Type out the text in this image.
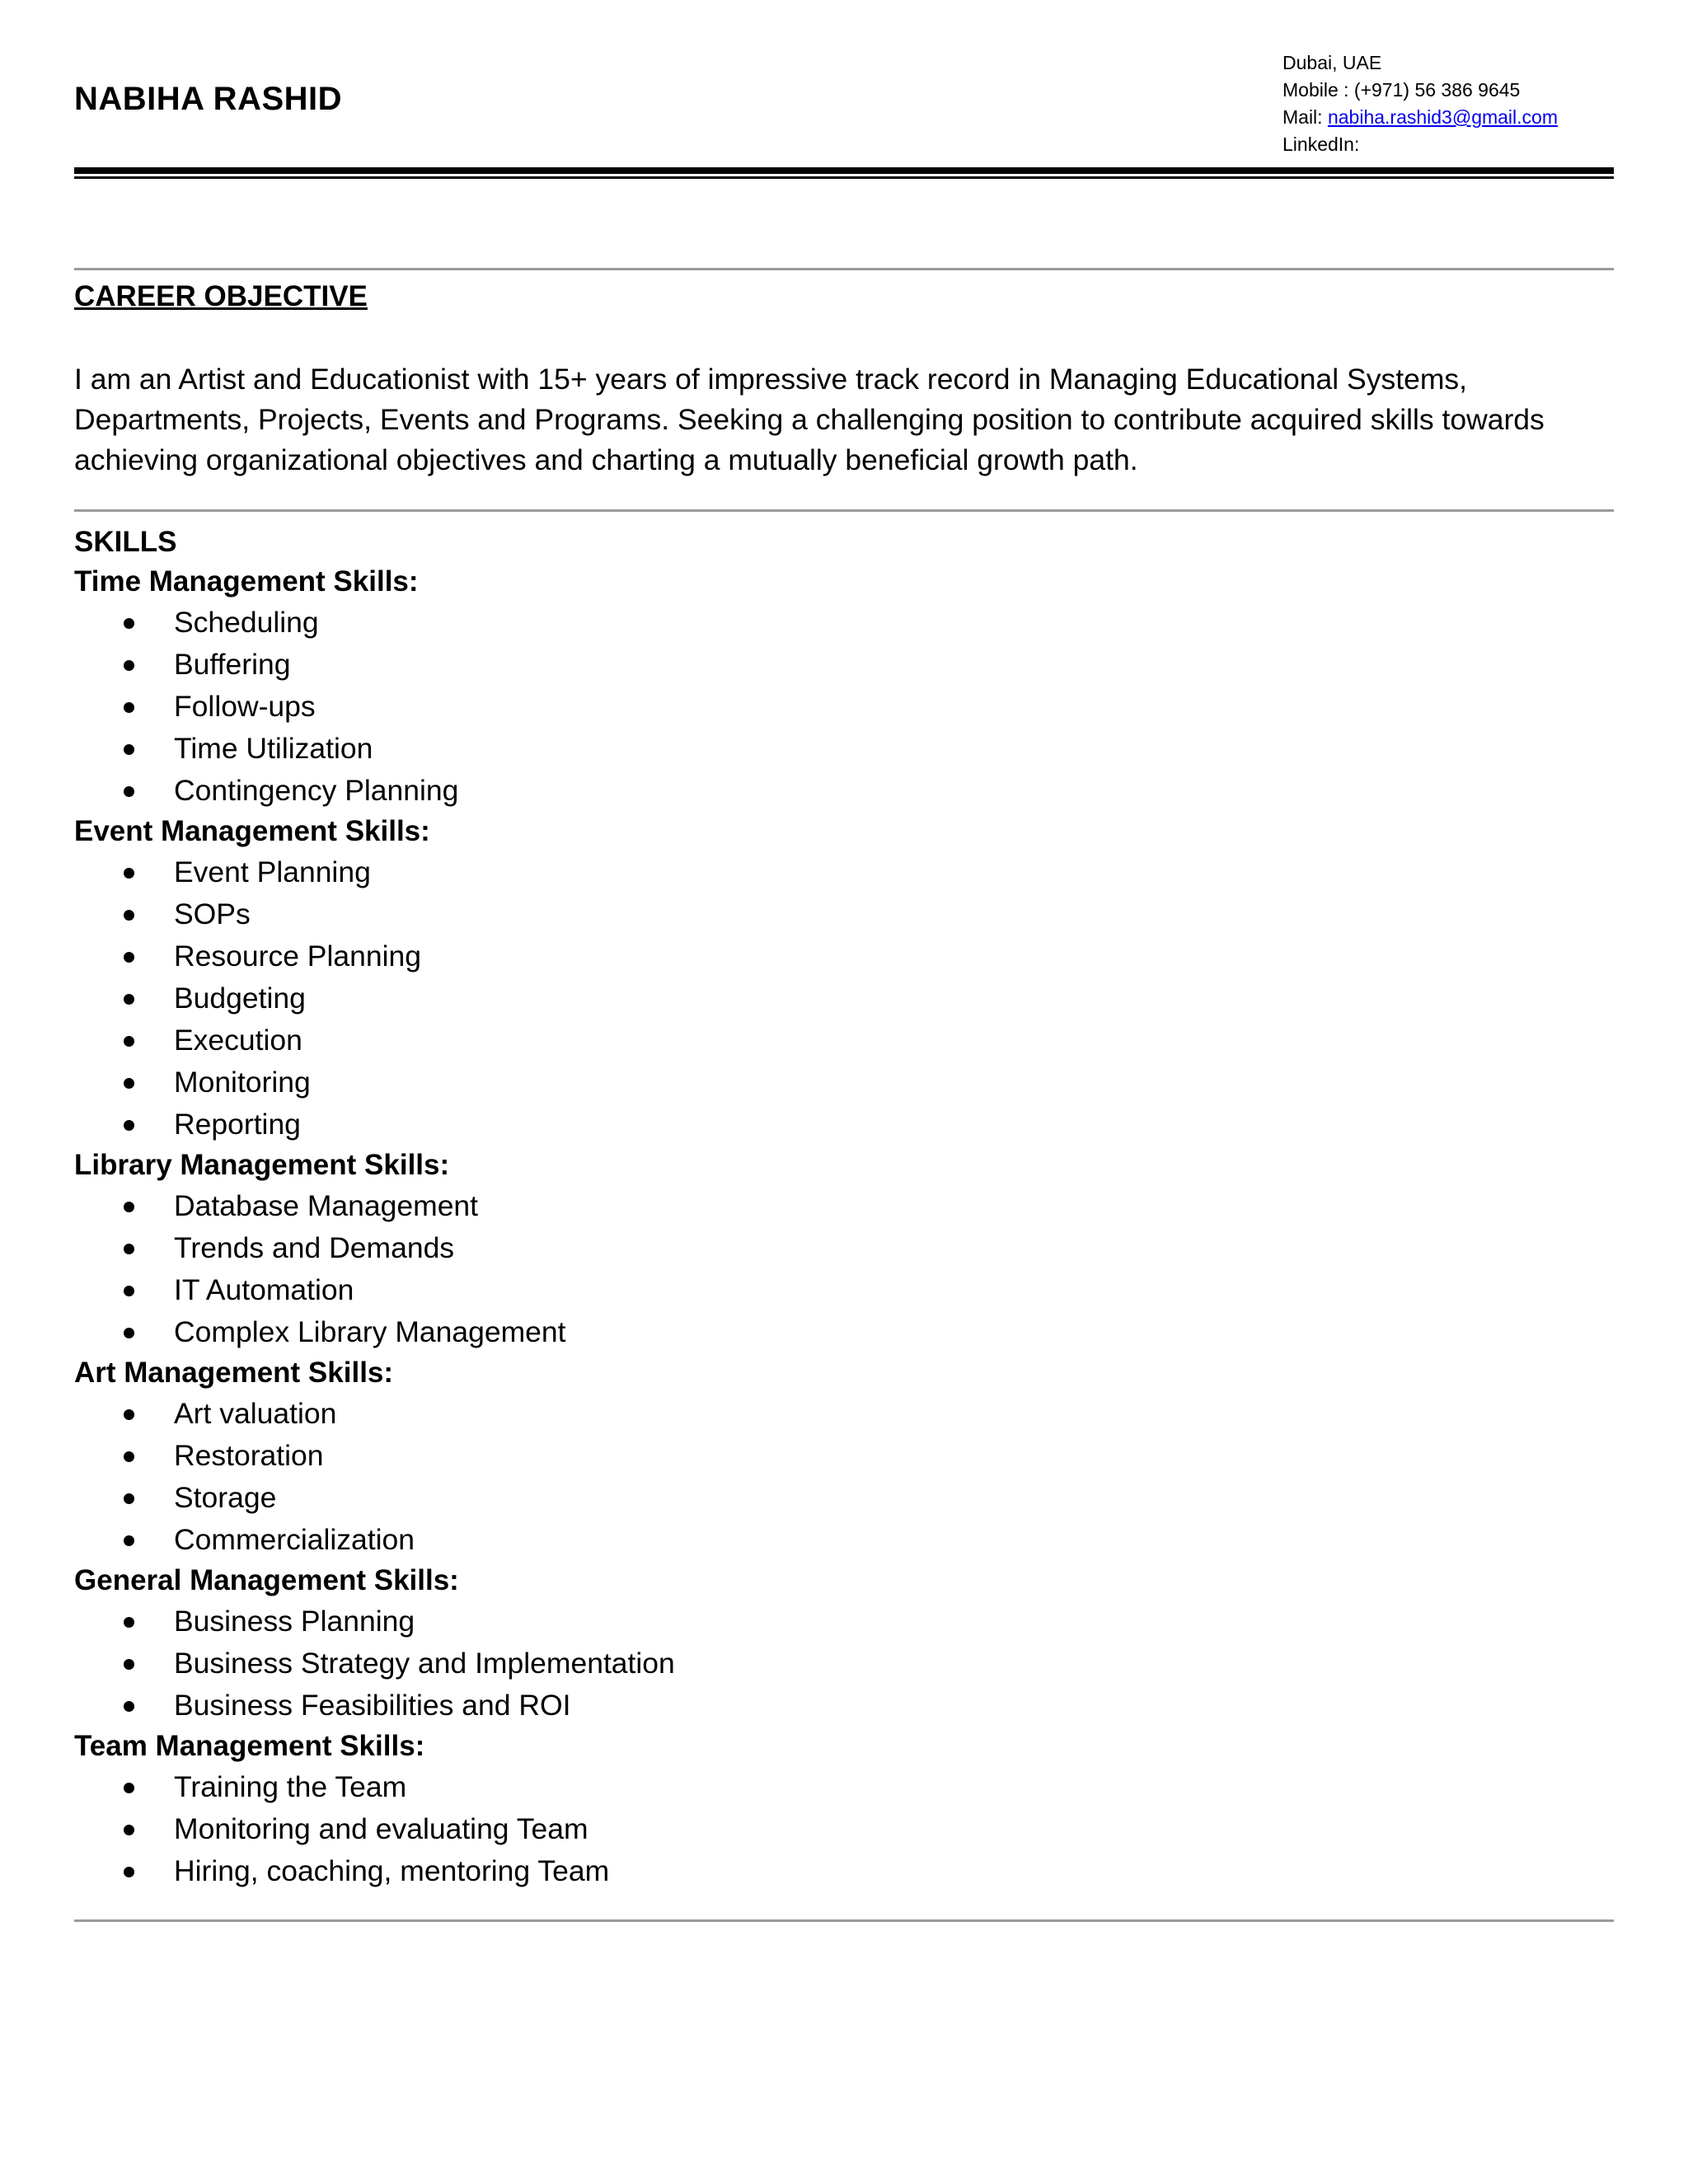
NABIHA RASHID
Dubai, UAE
Mobile : (+971) 56 386 9645
Mail: nabiha.rashid3@gmail.com
LinkedIn:
CAREER OBJECTIVE

I am an Artist and Educationist with 15+ years of impressive track record in Managing Educational Systems, Departments, Projects, Events and Programs. Seeking a challenging position to contribute acquired skills towards achieving organizational objectives and charting a mutually beneficial growth path.

SKILLS
Time Management Skills:
Scheduling
Buffering
Follow-ups
Time Utilization
Contingency Planning
Event Management Skills:
Event Planning
SOPs
Resource Planning
Budgeting
Execution
Monitoring
Reporting
Library Management Skills:
Database Management
Trends and Demands
IT Automation
Complex Library Management
Art Management Skills:
Art valuation
Restoration
Storage
Commercialization
General Management Skills:
Business Planning
Business Strategy and Implementation
Business Feasibilities and ROI
Team Management Skills:
Training the Team
Monitoring and evaluating Team
Hiring, coaching, mentoring Team
